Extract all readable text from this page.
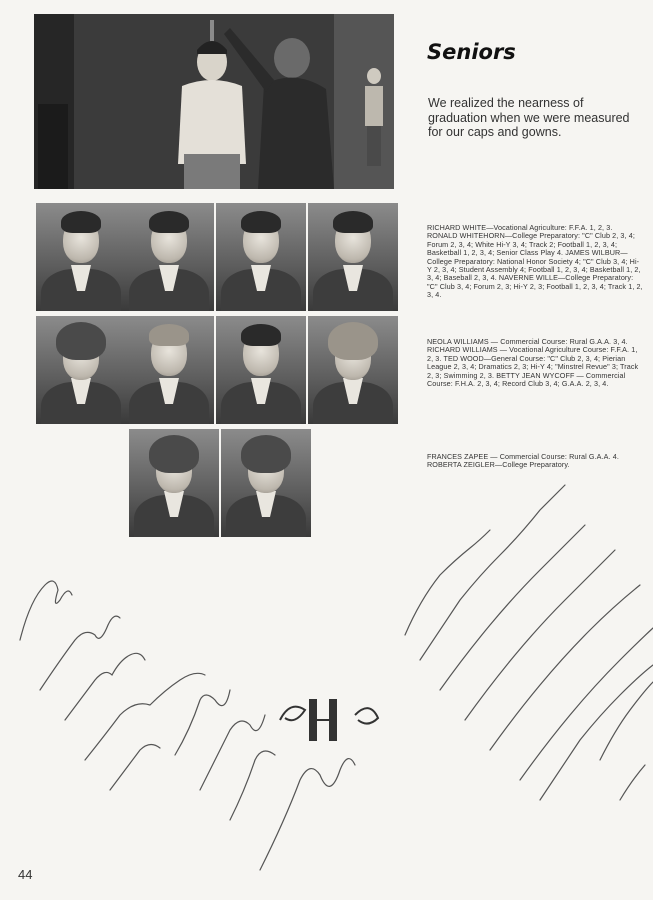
Seniors

We realized the nearness of graduation when we were measured for our caps and gowns.

RICHARD WHITE—Vocational Agriculture: F.F.A. 1, 2, 3. RONALD WHITEHORN—College Preparatory: "C" Club 2, 3, 4; Forum 2, 3, 4; White Hi-Y 3, 4; Track 2; Football 1, 2, 3, 4; Basketball 1, 2, 3, 4; Senior Class Play 4. JAMES WILBUR—College Preparatory: National Honor Society 4; "C" Club 3, 4; Hi-Y 2, 3, 4; Student Assembly 4; Football 1, 2, 3, 4; Basketball 1, 2, 3, 4; Baseball 2, 3, 4. NAVERNE WILLE—College Preparatory: "C" Club 3, 4; Forum 2, 3; Hi-Y 2, 3; Football 1, 2, 3, 4; Track 1, 2, 3, 4.

NEOLA WILLIAMS — Commercial Course: Rural G.A.A. 3, 4. RICHARD WILLIAMS — Vocational Agriculture Course: F.F.A. 1, 2, 3. TED WOOD—General Course: "C" Club 2, 3, 4; Pierian League 2, 3, 4; Dramatics 2, 3; Hi-Y 4; "Minstrel Revue" 3; Track 2, 3; Swimming 2, 3. BETTY JEAN WYCOFF — Commercial Course: F.H.A. 2, 3, 4; Record Club 3, 4; G.A.A. 2, 3, 4.

FRANCES ZAPEE — Commercial Course: Rural G.A.A. 4. ROBERTA ZEIGLER—College Preparatory.

44
